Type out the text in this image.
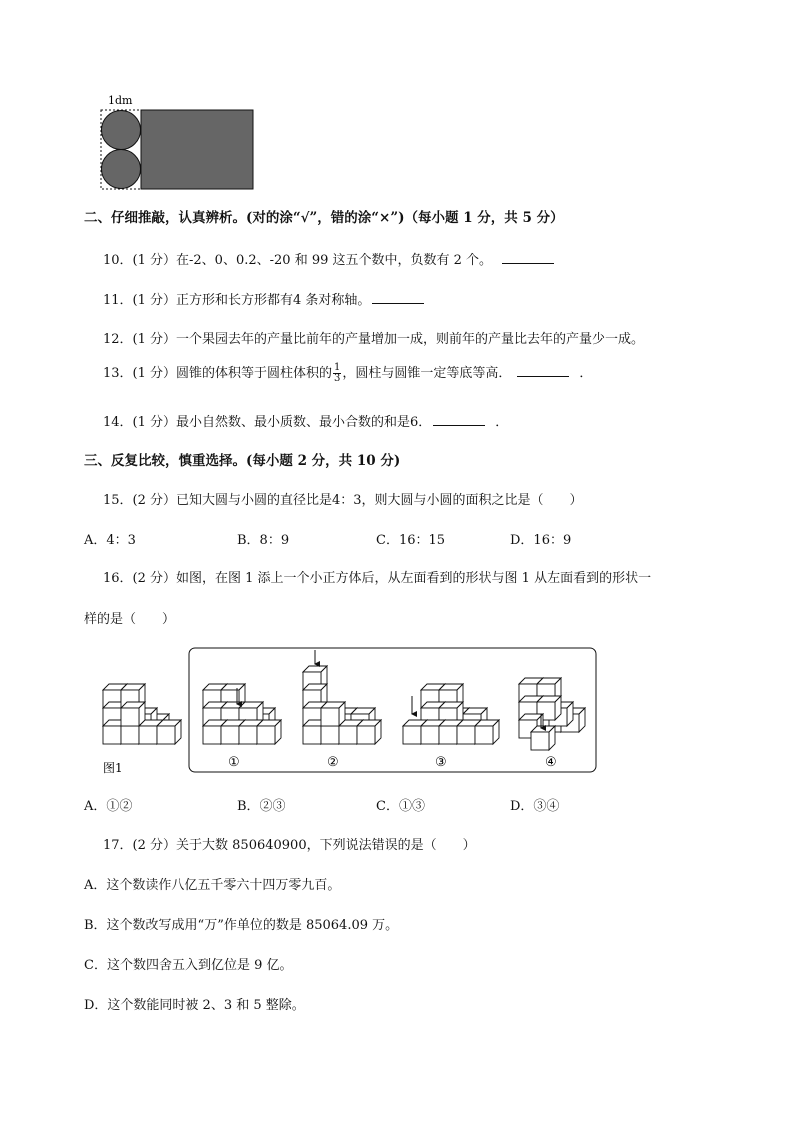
1dm
二、仔细推敲，认真辨析。(对的涂“√”，错的涂“×”)（每小题 1 分，共 5 分）
10．(1 分）在-2、0、0.2、-20 和 99 这五个数中，负数有 2 个。
11．(1 分）正方形和长方形都有4 条对称轴。
12．(1 分）一个果园去年的产量比前年的产量增加一成，则前年的产量比去年的产量少一成。
13．(1 分）圆锥的体积等于圆柱体积的 $\frac{1}{3}$ ，圆柱与圆锥一定等底等高．	．
14．(1 分）最小自然数、最小质数、最小合数的和是6．	．
三、反复比较，慎重选择。(每小题 2 分，共 10 分)
15．(2 分）已知大圆与小圆的直径比是4：3，则大圆与小圆的面积之比是（　　）
A．4：3	B．8：9	C．16：15	D．16：9
16．(2 分）如图，在图 1 添上一个小正方体后，从左面看到的形状与图 1 从左面看到的形状一
样的是（　　）
图1	①	②	③	④
A．①②	B．②③	C．①③	D．③④
17．(2 分）关于大数 850640900，下列说法错误的是（　　）
A．这个数读作八亿五千零六十四万零九百。
B．这个数改写成用“万”作单位的数是 85064.09 万。
C．这个数四舍五入到亿位是 9 亿。
D．这个数能同时被 2、3 和 5 整除。
